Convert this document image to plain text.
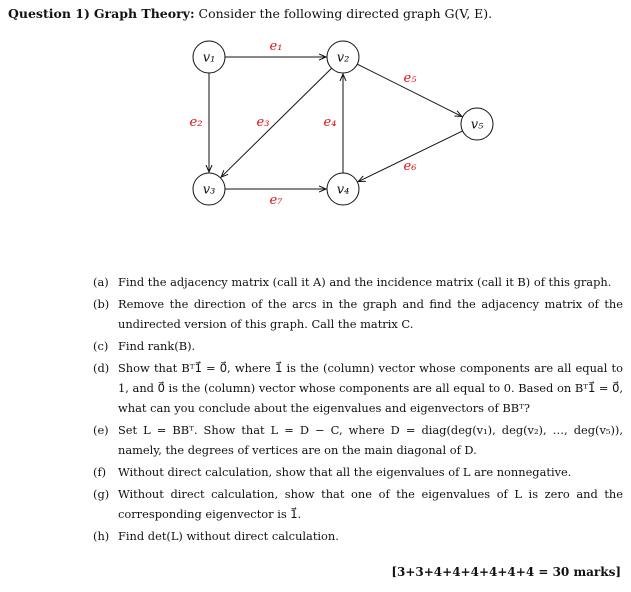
Question 1) Graph Theory: Consider the following directed graph G(V, E).
v₁	v₂
v₃	v₄
v₅
e₁
e₂	e₃	e₄
e₅
e₆
e₇
(a) Find the adjacency matrix (call it A) and the incidence matrix (call it B) of this graph.
(b) Remove the direction of the arcs in the graph and find the adjacency matrix of the undirected version of this graph. Call the matrix C.
(c) Find rank(B).
(d) Show that Bᵀ1⃗ = 0⃗, where 1⃗ is the (column) vector whose components are all equal to 1, and 0⃗ is the (column) vector whose components are all equal to 0. Based on Bᵀ1⃗ = 0⃗, what can you conclude about the eigenvalues and eigenvectors of BBᵀ?
(e) Set L = BBᵀ. Show that L = D − C, where D = diag(deg(v₁), deg(v₂), …, deg(v₅)), namely, the degrees of vertices are on the main diagonal of D.
(f) Without direct calculation, show that all the eigenvalues of L are nonnegative.
(g) Without direct calculation, show that one of the eigenvalues of L is zero and the corresponding eigenvector is 1⃗.
(h) Find det(L) without direct calculation.
[3+3+4+4+4+4+4+4 = 30 marks]
